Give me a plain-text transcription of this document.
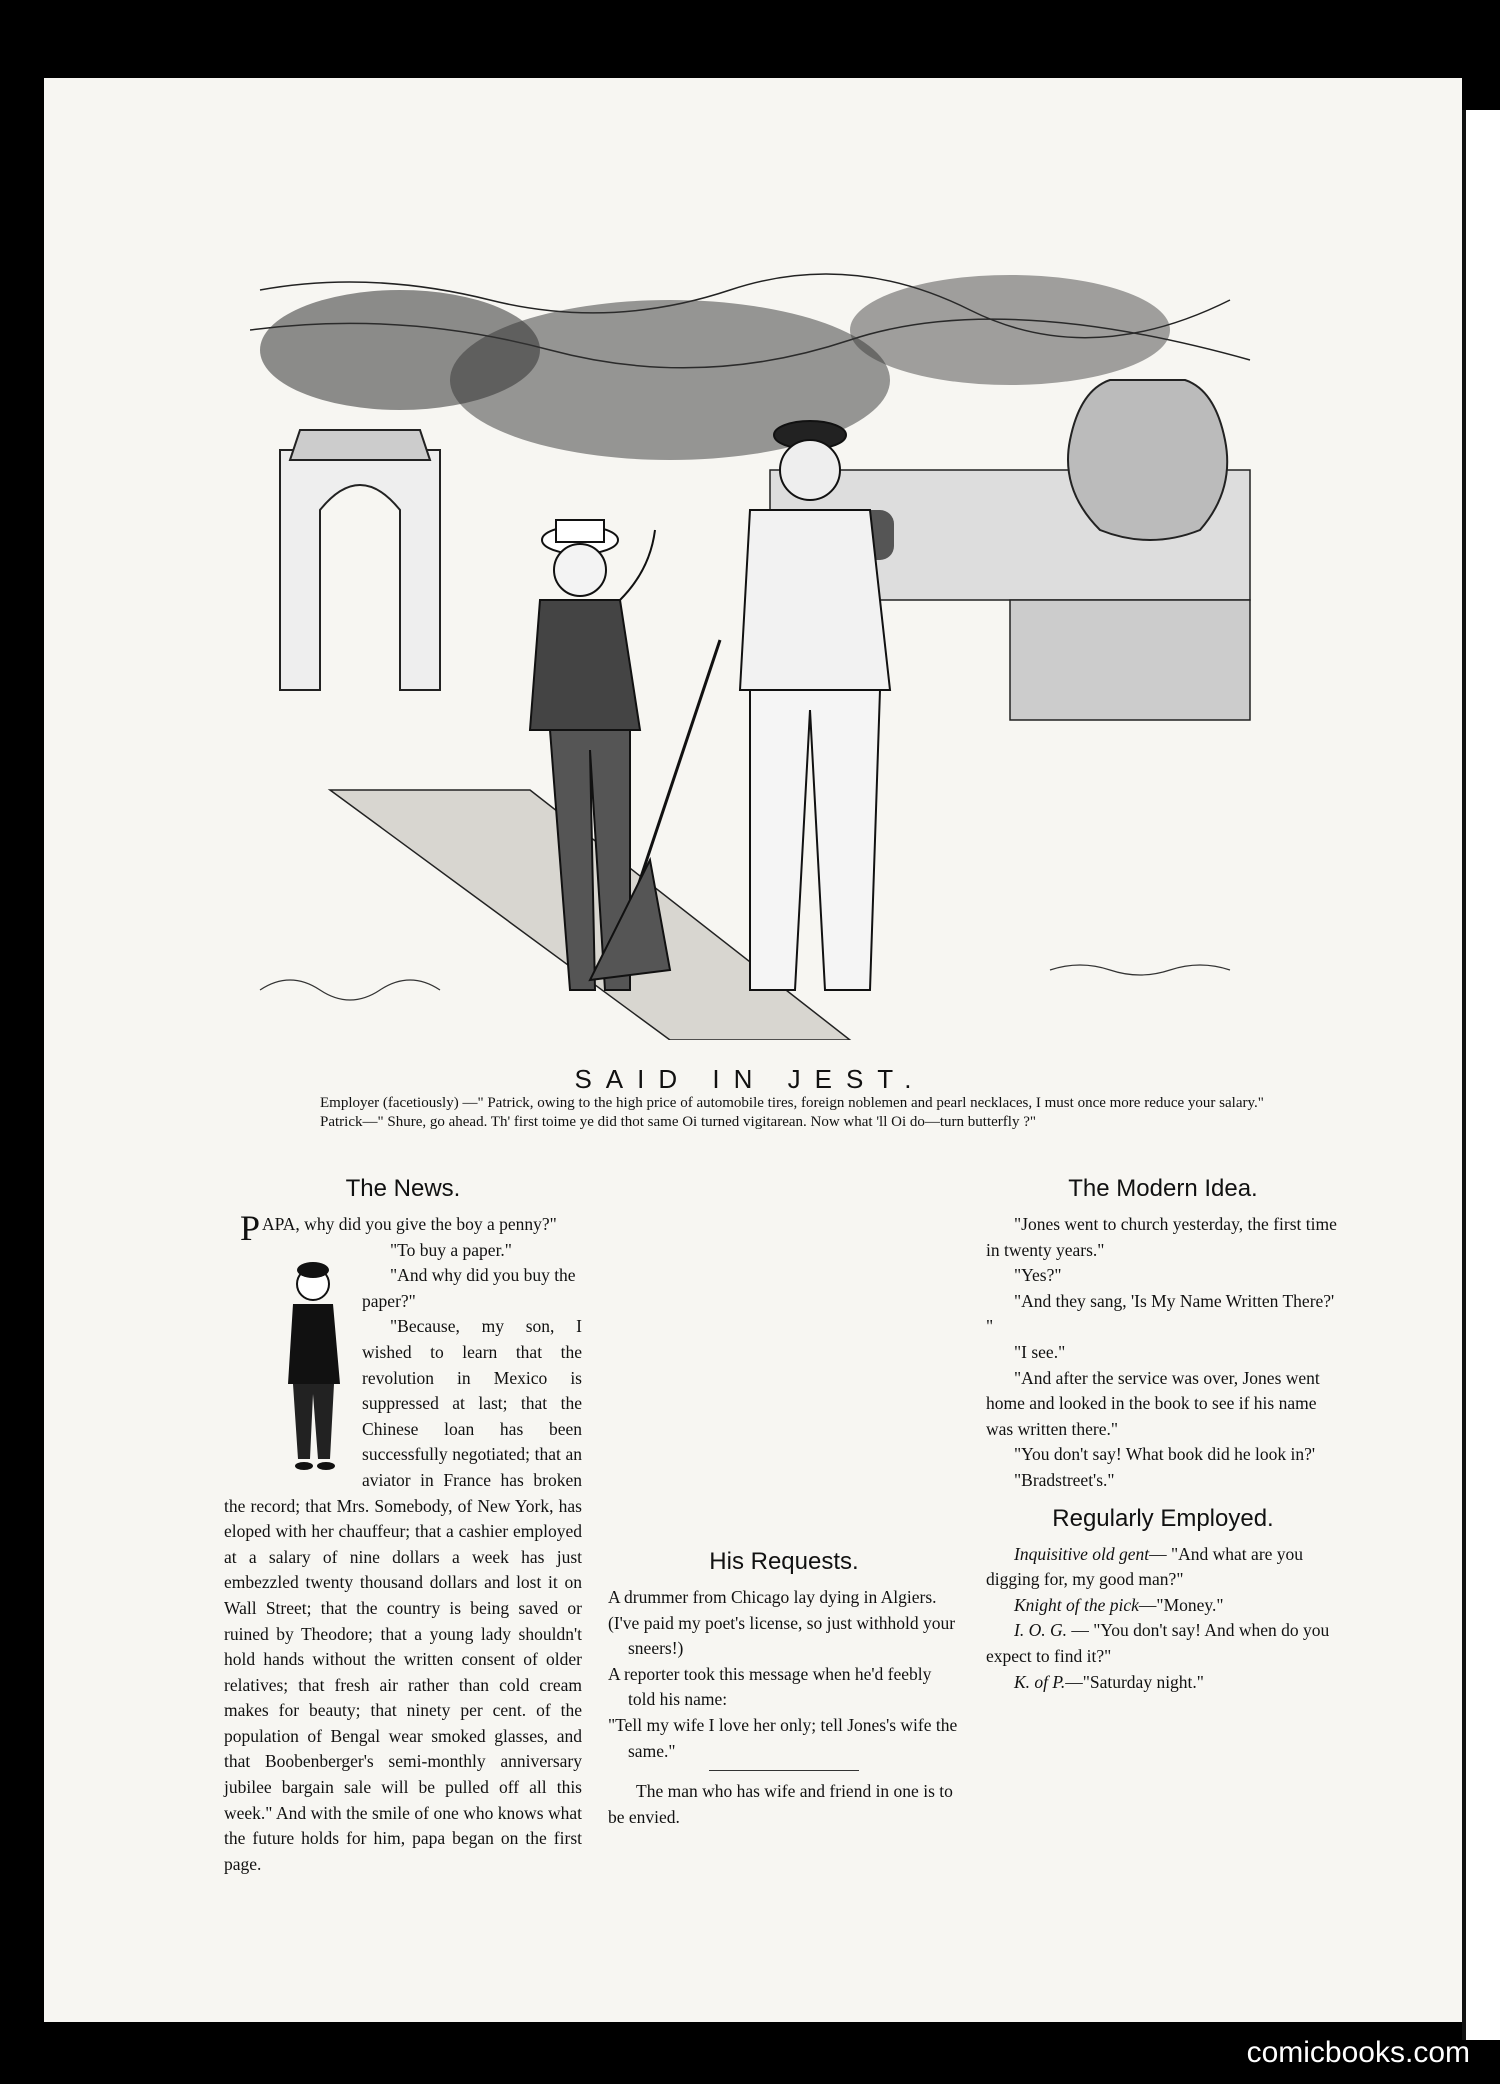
SAID IN JEST.

Employer (facetiously) —" Patrick, owing to the high price of automobile tires, foreign noblemen and pearl necklaces, I must once more reduce your salary."

Patrick—" Shure, go ahead. Th' first toime ye did thot same Oi turned vigitarean. Now what 'll Oi do—turn butterfly ?"

The News.

PAPA, why did you give the boy a penny?"

"To buy a paper."

"And why did you buy the paper?"

"Because, my son, I wished to learn that the revolution in Mexico is suppressed at last; that the Chinese loan has been successfully negotiated; that an aviator in France has broken the record; that Mrs. Somebody, of New York, has eloped with her chauffeur; that a cashier employed at a salary of nine dollars a week has just embezzled twenty thousand dollars and lost it on Wall Street; that the country is being saved or ruined by Theodore; that a young lady shouldn't hold hands without the written consent of older relatives; that fresh air rather than cold cream makes for beauty; that ninety per cent. of the population of Bengal wear smoked glasses, and that Boobenberger's semi-monthly anniversary jubilee bargain sale will be pulled off all this week." And with the smile of one who knows what the future holds for him, papa began on the first page.

His Requests.

A drummer from Chicago lay dying in Algiers.

(I've paid my poet's license, so just withhold your sneers!)

A reporter took this message when he'd feebly told his name:

"Tell my wife I love her only; tell Jones's wife the same."

The man who has wife and friend in one is to be envied.

The Modern Idea.

"Jones went to church yesterday, the first time in twenty years."

"Yes?"

"And they sang, 'Is My Name Written There?' "

"I see."

"And after the service was over, Jones went home and looked in the book to see if his name was written there."

"You don't say! What book did he look in?'

"Bradstreet's."

Regularly Employed.

Inquisitive old gent— "And what are you digging for, my good man?"

Knight of the pick—"Money."

I. O. G. — "You don't say! And when do you expect to find it?"

K. of P.—"Saturday night."

comicbooks.com
